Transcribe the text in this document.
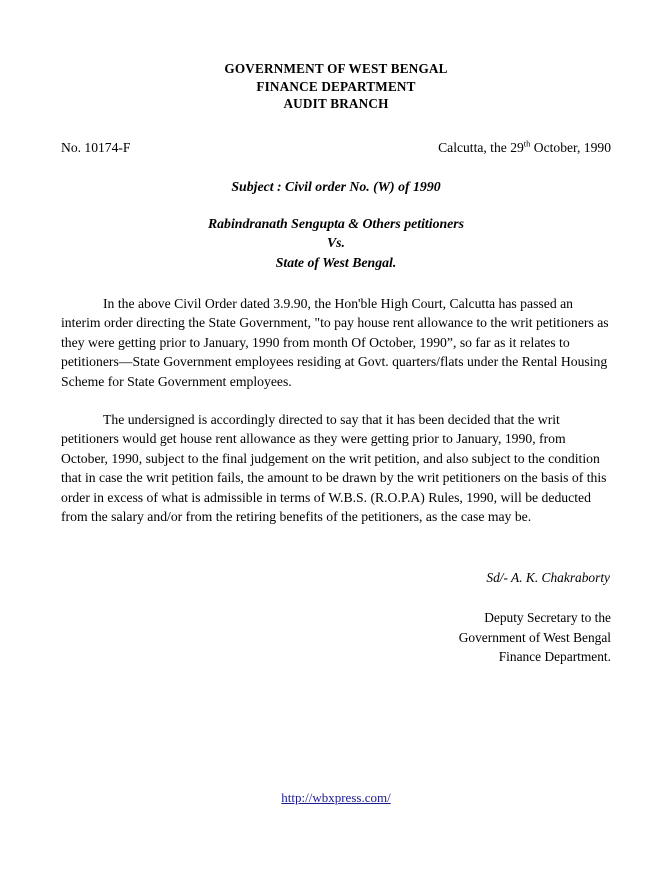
GOVERNMENT OF WEST BENGAL
FINANCE DEPARTMENT
AUDIT BRANCH
No. 10174-F	Calcutta, the 29th October, 1990
Subject : Civil order No. (W) of 1990
Rabindranath Sengupta & Others petitioners
Vs.
State of West Bengal.

In the above Civil Order dated 3.9.90, the Hon'ble High Court, Calcutta has passed an interim order directing the State Government, "to pay house rent allowance to the writ petitioners as they were getting prior to January, 1990 from month Of October, 1990”, so far as it relates to petitioners—State Government employees residing at Govt. quarters/flats under the Rental Housing Scheme for State Government employees.

The undersigned is accordingly directed to say that it has been decided that the writ petitioners would get house rent allowance as they were getting prior to January, 1990, from October, 1990, subject to the final judgement on the writ petition, and also subject to the condition that in case the writ petition fails, the amount to be drawn by the writ petitioners on the basis of this order in excess of what is admissible in terms of W.B.S. (R.O.P.A) Rules, 1990, will be deducted from the salary and/or from the retiring benefits of the petitioners, as the case may be.

Sd/- A. K. Chakraborty
Deputy Secretary to the
Government of West Bengal
Finance Department.
http://wbxpress.com/
